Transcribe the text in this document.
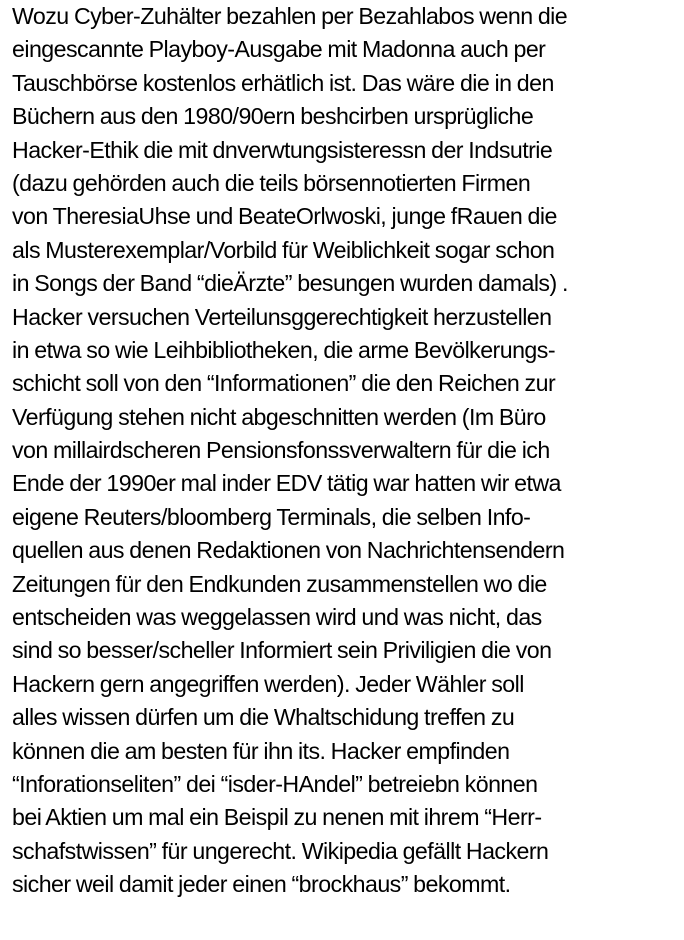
Wozu Cyber-Zuhälter bezahlen per Bezahlabos wenn die
eingescannte Playboy-Ausgabe mit Madonna auch per
Tauschbörse kostenlos erhätlich ist. Das wäre die in den
Büchern aus den 1980/90ern beshcirben ursprügliche
Hacker-Ethik die mit dnverwtungsisteressn der Indsutrie
(dazu gehörden auch die teils börsennotierten Firmen
von TheresiaUhse und BeateOrlwoski, junge fRauen die
als Musterexemplar/Vorbild für Weiblichkeit sogar schon
in Songs der Band “dieÄrzte” besungen wurden damals) .
Hacker versuchen Verteilunsggerechtigkeit herzustellen
in etwa so wie Leihbibliotheken, die arme Bevölkerungs-
schicht soll von den “Informationen” die den Reichen zur
Verfügung stehen nicht abgeschnitten werden (Im Büro
von millairdscheren Pensionsfonssverwaltern für die ich
Ende der 1990er mal inder EDV tätig war hatten wir etwa
eigene Reuters/bloomberg Terminals, die selben Info-
quellen aus denen Redaktionen von Nachrichtensendern
Zeitungen für den Endkunden zusammenstellen wo die
entscheiden was weggelassen wird und was nicht, das
sind so besser/scheller Informiert sein Priviligien die von
Hackern gern angegriffen werden). Jeder Wähler soll
alles wissen dürfen um die Whaltschidung treffen zu
können die am besten für ihn its. Hacker empfinden
“Inforationseliten” dei “isder-HAndel” betreiebn können
bei Aktien um mal ein Beispil zu nenen mit ihrem “Herr-
schafstwissen” für ungerecht. Wikipedia gefällt Hackern
sicher weil damit jeder einen “brockhaus” bekommt.
